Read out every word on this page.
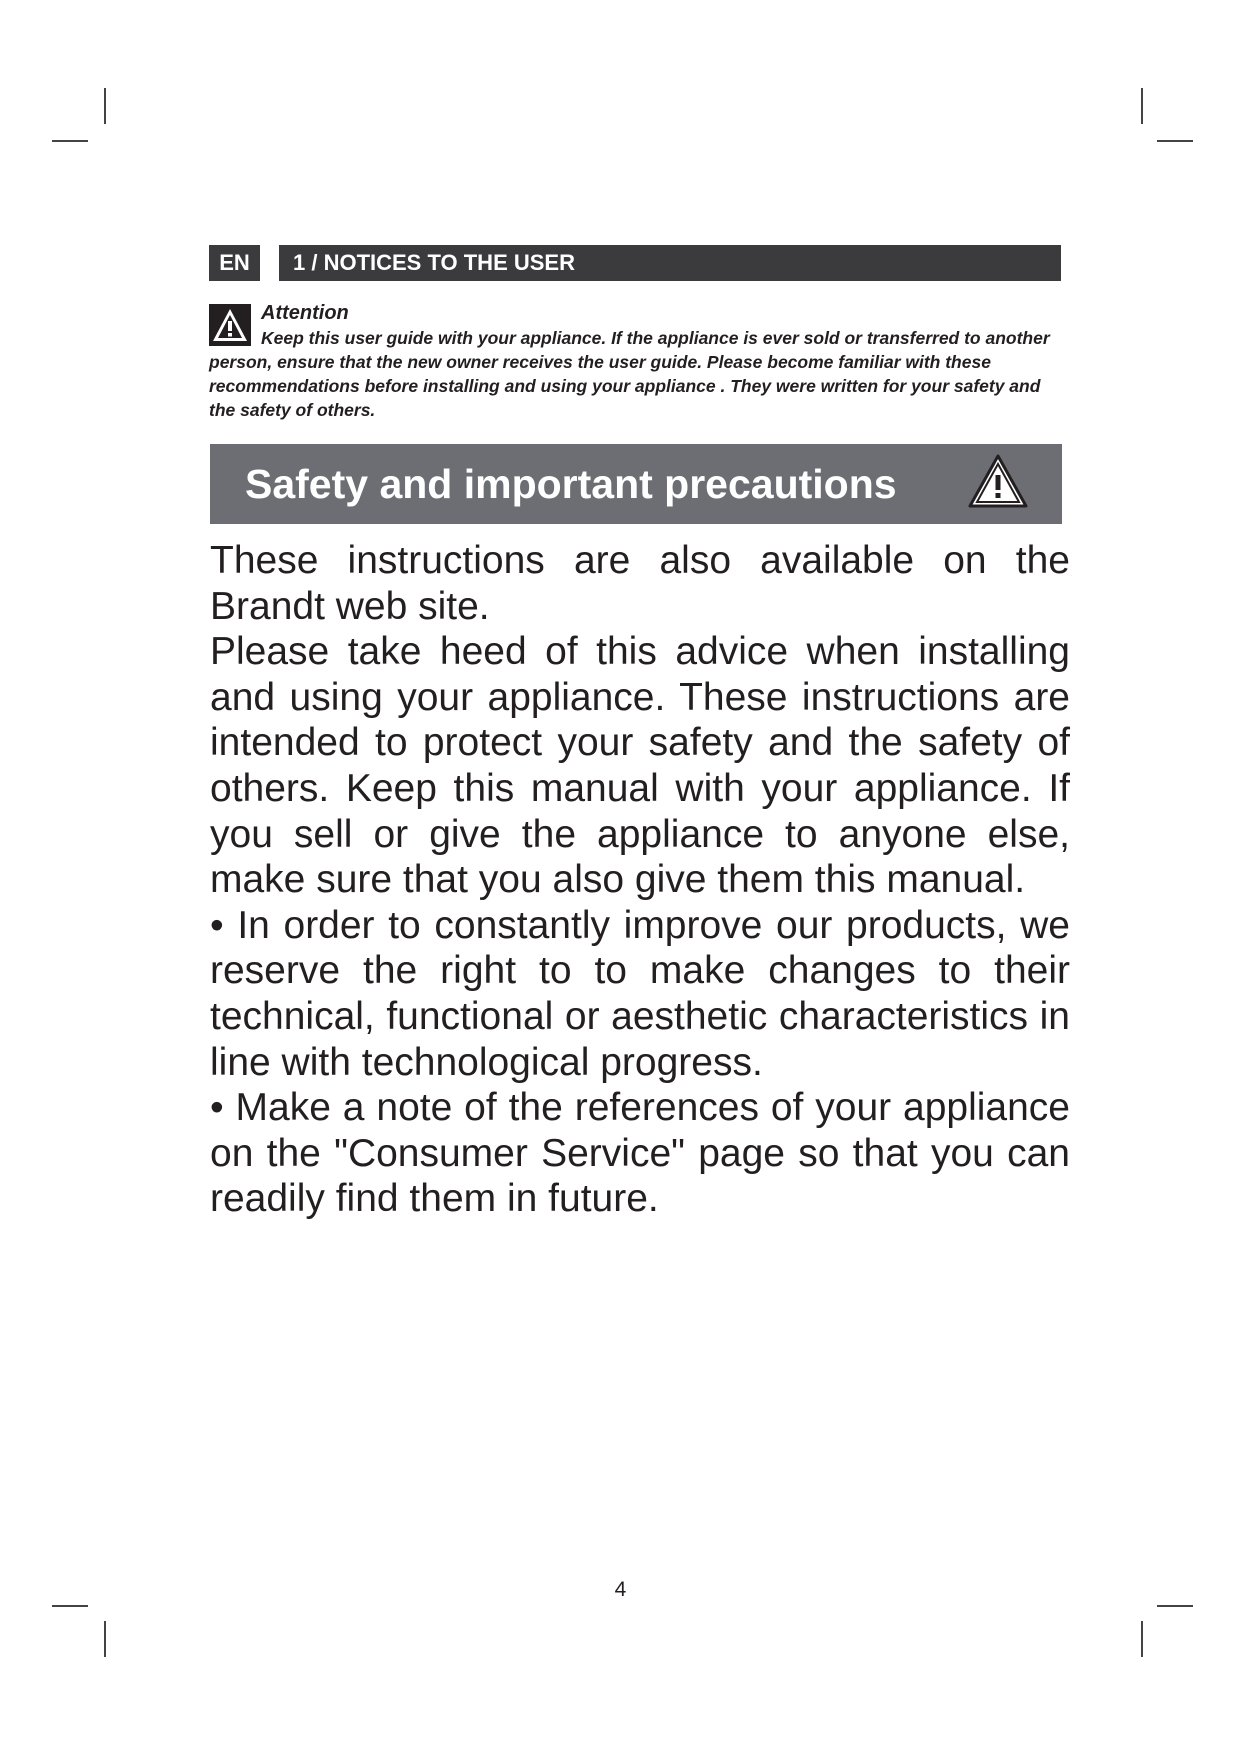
EN	1 / NOTICES TO THE USER
Attention
Keep this user guide with your appliance. If the appliance is ever sold or transferred to another person, ensure that the new owner receives the user guide. Please become familiar with these recommendations before installing and using your appliance . They were written for your safety and the safety of others.
Safety and important precautions

These instructions are also available on the Brandt web site.

Please take heed of this advice when installing and using your appliance. These instructions are intended to protect your safety and the safety of others. Keep this manual with your appliance. If you sell or give the appliance to anyone else, make sure that you also give them this manual.

• In order to constantly improve our products, we reserve the right to to make changes to their technical, functional or aesthetic characteristics in line with technological progress.

• Make a note of the references of your appliance on the "Consumer Service" page so that you can readily find them in future.

4
